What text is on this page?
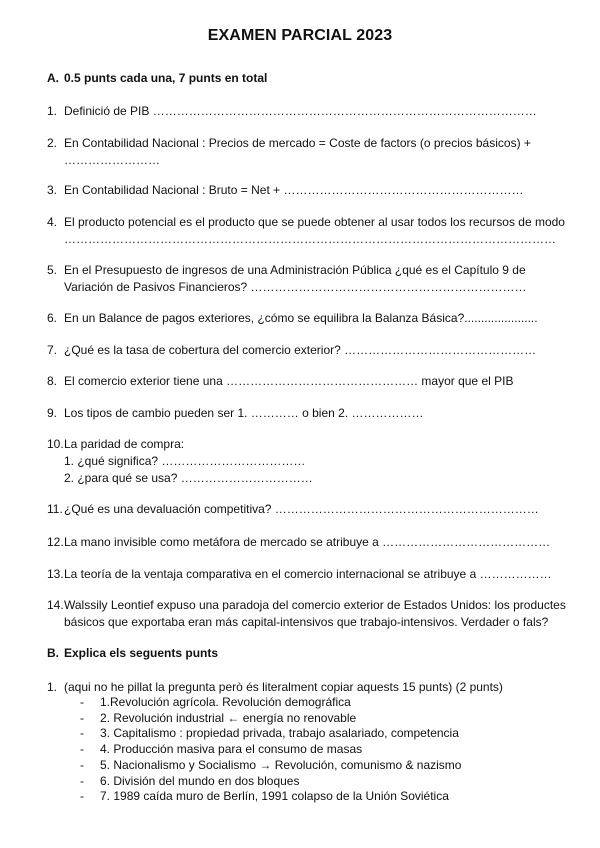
EXAMEN PARCIAL 2023
A. 0.5 punts cada una, 7 punts en total
1. Definició de PIB ……………………………………………………………………………………
2. En Contabilidad Nacional : Precios de mercado = Coste de factors (o precios básicos) +
……………………
3. En Contabilidad Nacional : Bruto = Net + ……………………………………………………
4. El producto potencial es el producto que se puede obtener al usar todos los recursos de modo
……………………………………………………………………………………………………………
5. En el Presupuesto de ingresos de una Administración Pública ¿qué es el Capítulo 9 de
Variación de Pasivos Financieros? ……………………………………………………………
6. En un Balance de pagos exteriores, ¿cómo se equilibra la Balanza Básica?......................
7. ¿Qué es la tasa de cobertura del comercio exterior? …………………………………………
8. El comercio exterior tiene una ………………………………………… mayor que el PIB
9. Los tipos de cambio pueden ser 1. ………… o bien 2. ………………
10. La paridad de compra:
1. ¿qué significa? ………………………………
2. ¿para qué se usa? ……………………………
11. ¿Qué es una devaluación competitiva? …………………………………………………………
12. La mano invisible como metáfora de mercado se atribuye a ……………………………………
13. La teoría de la ventaja comparativa en el comercio internacional se atribuye a ………………
14. Walssily Leontief expuso una paradoja del comercio exterior de Estados Unidos: los productes
básicos que exportaba eran más capital-intensivos que trabajo-intensivos. Verdader o fals?
B. Explica els seguents punts
1. (aqui no he pillat la pregunta però és literalment copiar aquests 15 punts) (2 punts)
- 1.Revolución agrícola. Revolución demográfica
- 2. Revolución industrial ← energía no renovable
- 3. Capitalismo : propiedad privada, trabajo asalariado, competencia
- 4. Producción masiva para el consumo de masas
- 5. Nacionalismo y Socialismo → Revolución, comunismo & nazismo
- 6. División del mundo en dos bloques
- 7. 1989 caída muro de Berlín, 1991 colapso de la Unión Soviética
